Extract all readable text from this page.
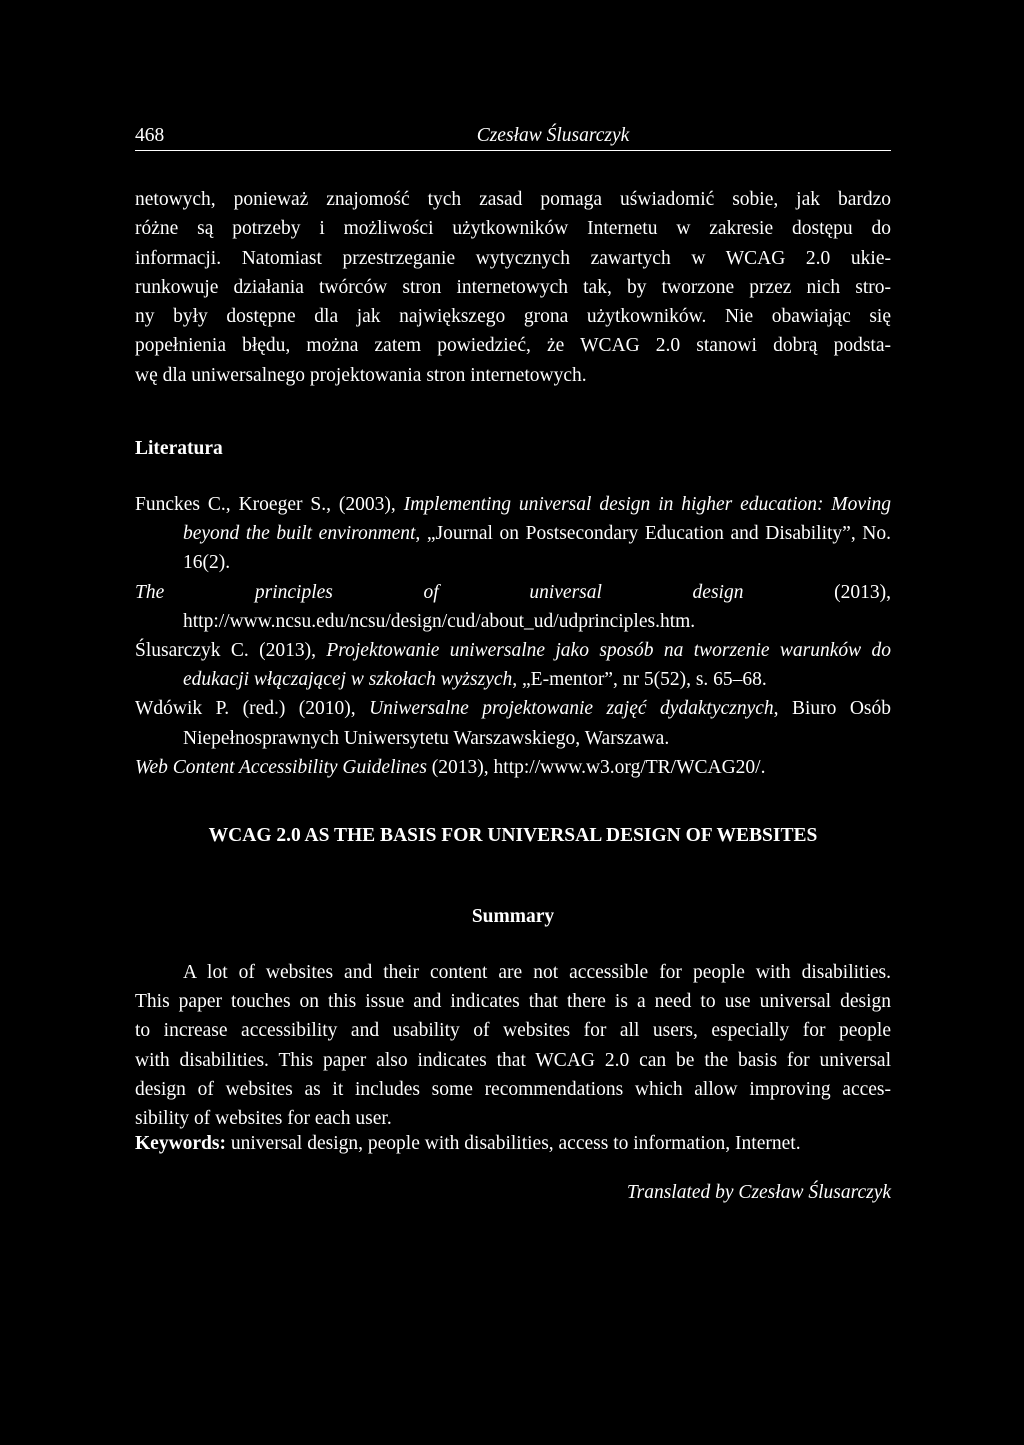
468	Czesław Ślusarczyk
netowych, ponieważ znajomość tych zasad pomaga uświadomić sobie, jak bardzo
różne są potrzeby i możliwości użytkowników Internetu w zakresie dostępu do
informacji. Natomiast przestrzeganie wytycznych zawartych w WCAG 2.0 ukie-
runkowuje działania twórców stron internetowych tak, by tworzone przez nich stro-
ny były dostępne dla jak największego grona użytkowników. Nie obawiając się
popełnienia błędu, można zatem powiedzieć, że WCAG 2.0 stanowi dobrą podsta-
wę dla uniwersalnego projektowania stron internetowych.
Literatura
Funckes C., Kroeger S., (2003), Implementing universal design in higher education: Moving beyond the built environment, „Journal on Postsecondary Education and Disability”, No. 16(2).
The principles of universal design (2013), http://www.ncsu.edu/ncsu/design/cud/about_ud/udprinciples.htm.
Ślusarczyk C. (2013), Projektowanie uniwersalne jako sposób na tworzenie warunków do edukacji włączającej w szkołach wyższych, „E-mentor”, nr 5(52), s. 65–68.
Wdówik P. (red.) (2010), Uniwersalne projektowanie zajęć dydaktycznych, Biuro Osób Niepełnosprawnych Uniwersytetu Warszawskiego, Warszawa.
Web Content Accessibility Guidelines (2013), http://www.w3.org/TR/WCAG20/.
WCAG 2.0 AS THE BASIS FOR UNIVERSAL DESIGN OF WEBSITES
Summary
A lot of websites and their content are not accessible for people with disabilities.
This paper touches on this issue and indicates that there is a need to use universal design
to increase accessibility and usability of websites for all users, especially for people
with disabilities. This paper also indicates that WCAG 2.0 can be the basis for universal
design of websites as it includes some recommendations which allow improving acces-
sibility of websites for each user.
Keywords: universal design, people with disabilities, access to information, Internet.
Translated by Czesław Ślusarczyk
